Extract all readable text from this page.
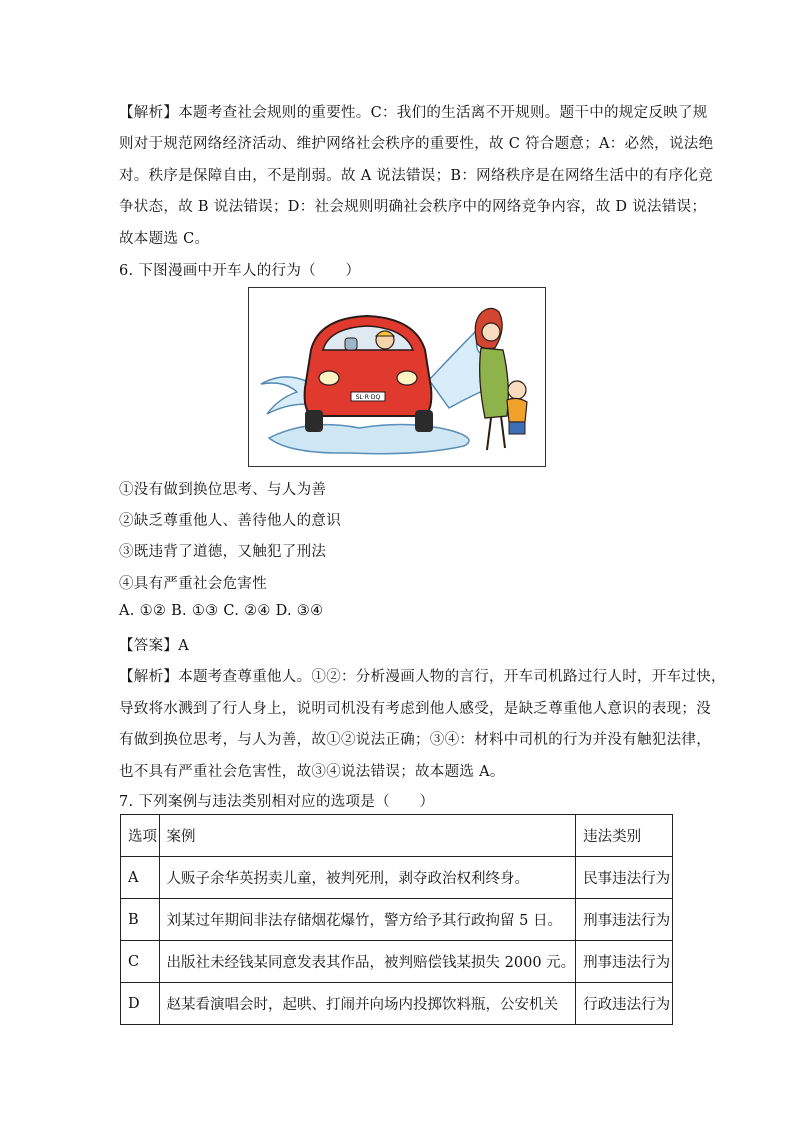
【解析】本题考查社会规则的重要性。C：我们的生活离不开规则。题干中的规定反映了规
则对于规范网络经济活动、维护网络社会秩序的重要性，故 C 符合题意；A：必然，说法绝
对。秩序是保障自由，不是削弱。故 A 说法错误；B：网络秩序是在网络生活中的有序化竞
争状态，故 B 说法错误；D：社会规则明确社会秩序中的网络竞争内容，故 D 说法错误；
故本题选 C。
6. 下图漫画中开车人的行为（　　）
SL·R·DQ
①没有做到换位思考、与人为善
②缺乏尊重他人、善待他人的意识
③既违背了道德，又触犯了刑法
④具有严重社会危害性
A. ①② B. ①③ C. ②④ D. ③④
【答案】A
【解析】本题考查尊重他人。①②：分析漫画人物的言行，开车司机路过行人时，开车过快，
导致将水溅到了行人身上，说明司机没有考虑到他人感受，是缺乏尊重他人意识的表现；没
有做到换位思考，与人为善，故①②说法正确；③④：材料中司机的行为并没有触犯法律，
也不具有严重社会危害性，故③④说法错误；故本题选 A。
7. 下列案例与违法类别相对应的选项是（　　）
选项	案例	违法类别
A	人贩子余华英拐卖儿童，被判死刑，剥夺政治权利终身。	民事违法行为
B	刘某过年期间非法存储烟花爆竹，警方给予其行政拘留 5 日。	刑事违法行为
C	出版社未经钱某同意发表其作品，被判赔偿钱某损失 2000 元。	刑事违法行为
D	赵某看演唱会时，起哄、打闹并向场内投掷饮料瓶，公安机关	行政违法行为
